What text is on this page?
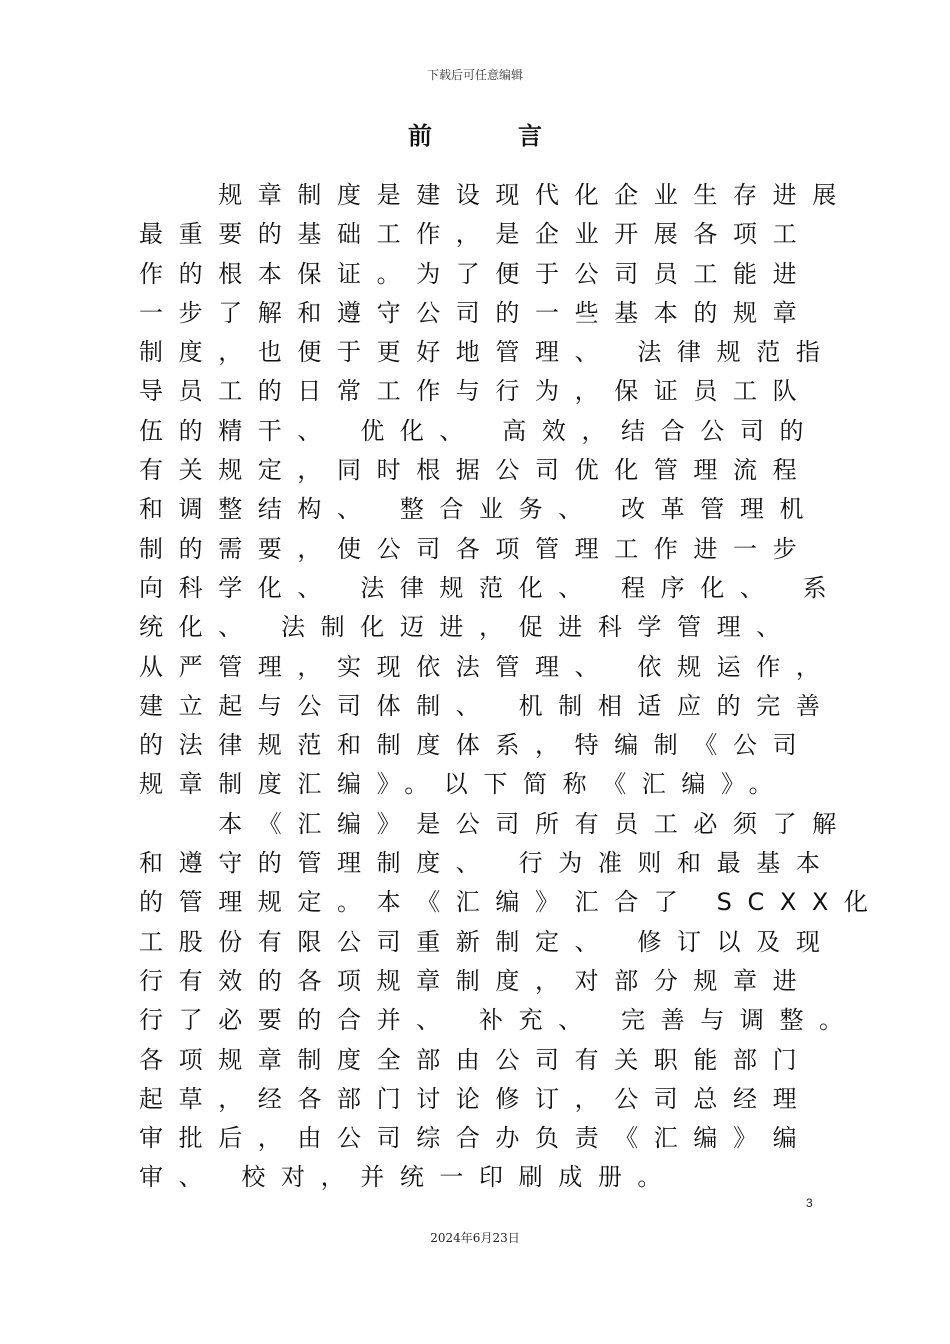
下载后可任意编辑
前言
　　规章制度是建设现代化企业生存进展
最重要的基础工作，是企业开展各项工
作的根本保证。为了便于公司员工能进
一步了解和遵守公司的一些基本的规章
制度，也便于更好地管理、 法律规范指
导员工的日常工作与行为，保证员工队
伍的精干、 优化、 高效，结合公司的
有关规定，同时根据公司优化管理流程
和调整结构、 整合业务、 改革管理机
制的需要，使公司各项管理工作进一步
向科学化、 法律规范化、 程序化、 系
统化、 法制化迈进，促进科学管理、
从严管理，实现依法管理、 依规运作，
建立起与公司体制、 机制相适应的完善
的法律规范和制度体系，特编制《公司
规章制度汇编》。以下简称《汇编》。
　　本《汇编》是公司所有员工必须了解
和遵守的管理制度、 行为准则和最基本
的管理规定。本《汇编》汇合了 SCXX化
工股份有限公司重新制定、 修订以及现
行有效的各项规章制度，对部分规章进
行了必要的合并、 补充、 完善与调整。
各项规章制度全部由公司有关职能部门
起草，经各部门讨论修订，公司总经理
审批后，由公司综合办负责《汇编》编
审、 校对，并统一印刷成册。
3
2024年6月23日
